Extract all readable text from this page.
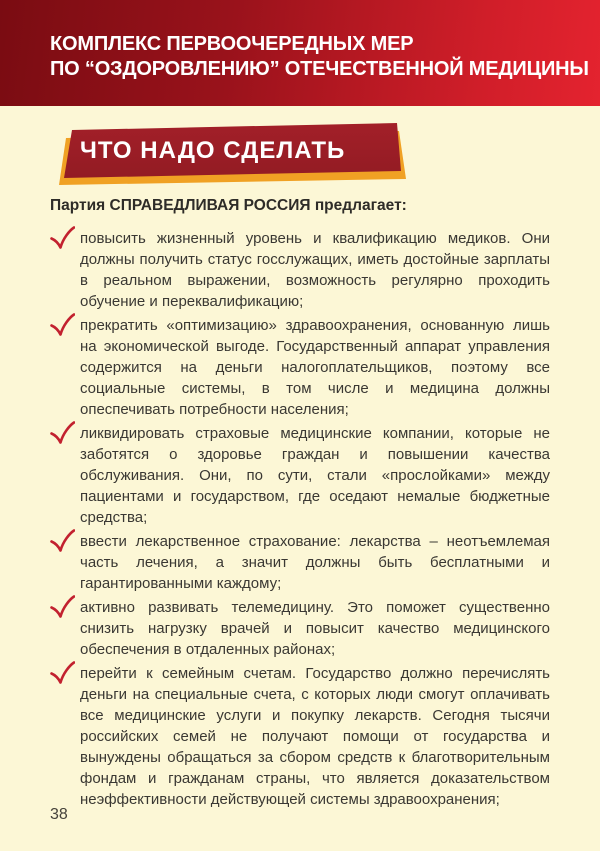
КОМПЛЕКС ПЕРВООЧЕРЕДНЫХ МЕР
ПО “ОЗДОРОВЛЕНИЮ” ОТЕЧЕСТВЕННОЙ МЕДИЦИНЫ
ЧТО НАДО СДЕЛАТЬ

Партия СПРАВЕДЛИВАЯ РОССИЯ предлагает:

повысить жизненный уровень и квалификацию медиков. Они должны получить статус госслужащих, иметь достойные зарплаты в реальном выражении, возможность регулярно проходить обучение и переквалификацию;
прекратить «оптимизацию» здравоохранения, основанную лишь на экономической выгоде. Государственный аппарат управления содержится на деньги налогоплательщиков, поэтому все социальные системы, в том числе и медицина должны опеспечивать потребности населения;
ликвидировать страховые медицинские компании, которые не заботятся о здоровье граждан и повышении качества обслуживания. Они, по сути, стали «прослойками» между пациентами и государством, где оседают немалые бюджетные средства;
ввести лекарственное страхование: лекарства – неотъемлемая часть лечения, а значит должны быть бесплатными и гарантированными каждому;
активно развивать телемедицину. Это поможет существенно снизить нагрузку врачей и повысит качество медицинского обеспечения в отдаленных районах;
перейти к семейным счетам. Государство должно перечислять деньги на специальные счета, с которых люди смогут оплачивать все медицинские услуги и покупку лекарств. Сегодня тысячи российских семей не получают помощи от государства и вынуждены обращаться за сбором средств к благотворительным фондам и гражданам страны, что является доказательством неэффективности действующей системы здравоохранения;
38
